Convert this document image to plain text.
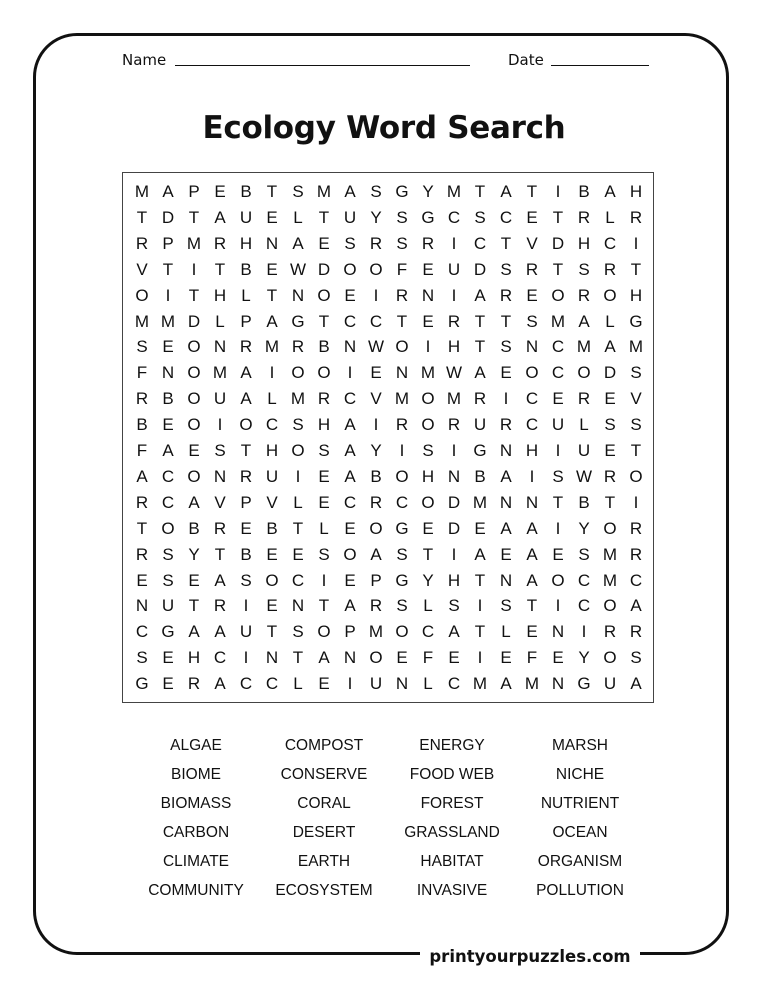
Name	Date
Ecology Word Search
M A P E B T S M A S G Y M T A T	I	B A H
T D T A U E L T U Y S G C S C E T R L R
R P M R H N A E S R S R	I	C T V D H C	I
V T	I	T B E W D O O F E U D S R T S R T
O	I	T H L T N O E	I	R N	I	A R E O R O H
M M D L P A G T C C T E R T T S M A L G
S E O N R M R B N W O	I	H T S N C M A M
F N O M A	I	O O	I	E N M W A E O C O D S
R B O U A L M R C V M O M R	I	C E R E V
B E O	I	O C S H A	I	R O R U R C U L S S
F A E S T H O S A Y	I	S	I	G N H	I	U E T
A C O N R U	I	E A B O H N B A	I	S W R O
R C A V P V L E C R C O D M N N T B T	I
T O B R E B T L E O G E D E A A	I	Y O R
R S Y T B E E S O A S T	I	A E A E S M R
E S E A S O C	I	E P G Y H T N A O C M C
N U T R	I	E N T A R S L S	I	S T	I	C O A
C G A A U T S O P M O C A T L E N	I	R R
S E H C	I	N T A N O E F E	I	E F E Y O S
G E R A C C L E	I	U N L C M A M N G U A
ALGAE	COMPOST	ENERGY	MARSH
BIOME	CONSERVE	FOOD WEB	NICHE
BIOMASS	CORAL	FOREST	NUTRIENT
CARBON	DESERT	GRASSLAND	OCEAN
CLIMATE	EARTH	HABITAT	ORGANISM
COMMUNITY	ECOSYSTEM	INVASIVE	POLLUTION
printyourpuzzles.com
